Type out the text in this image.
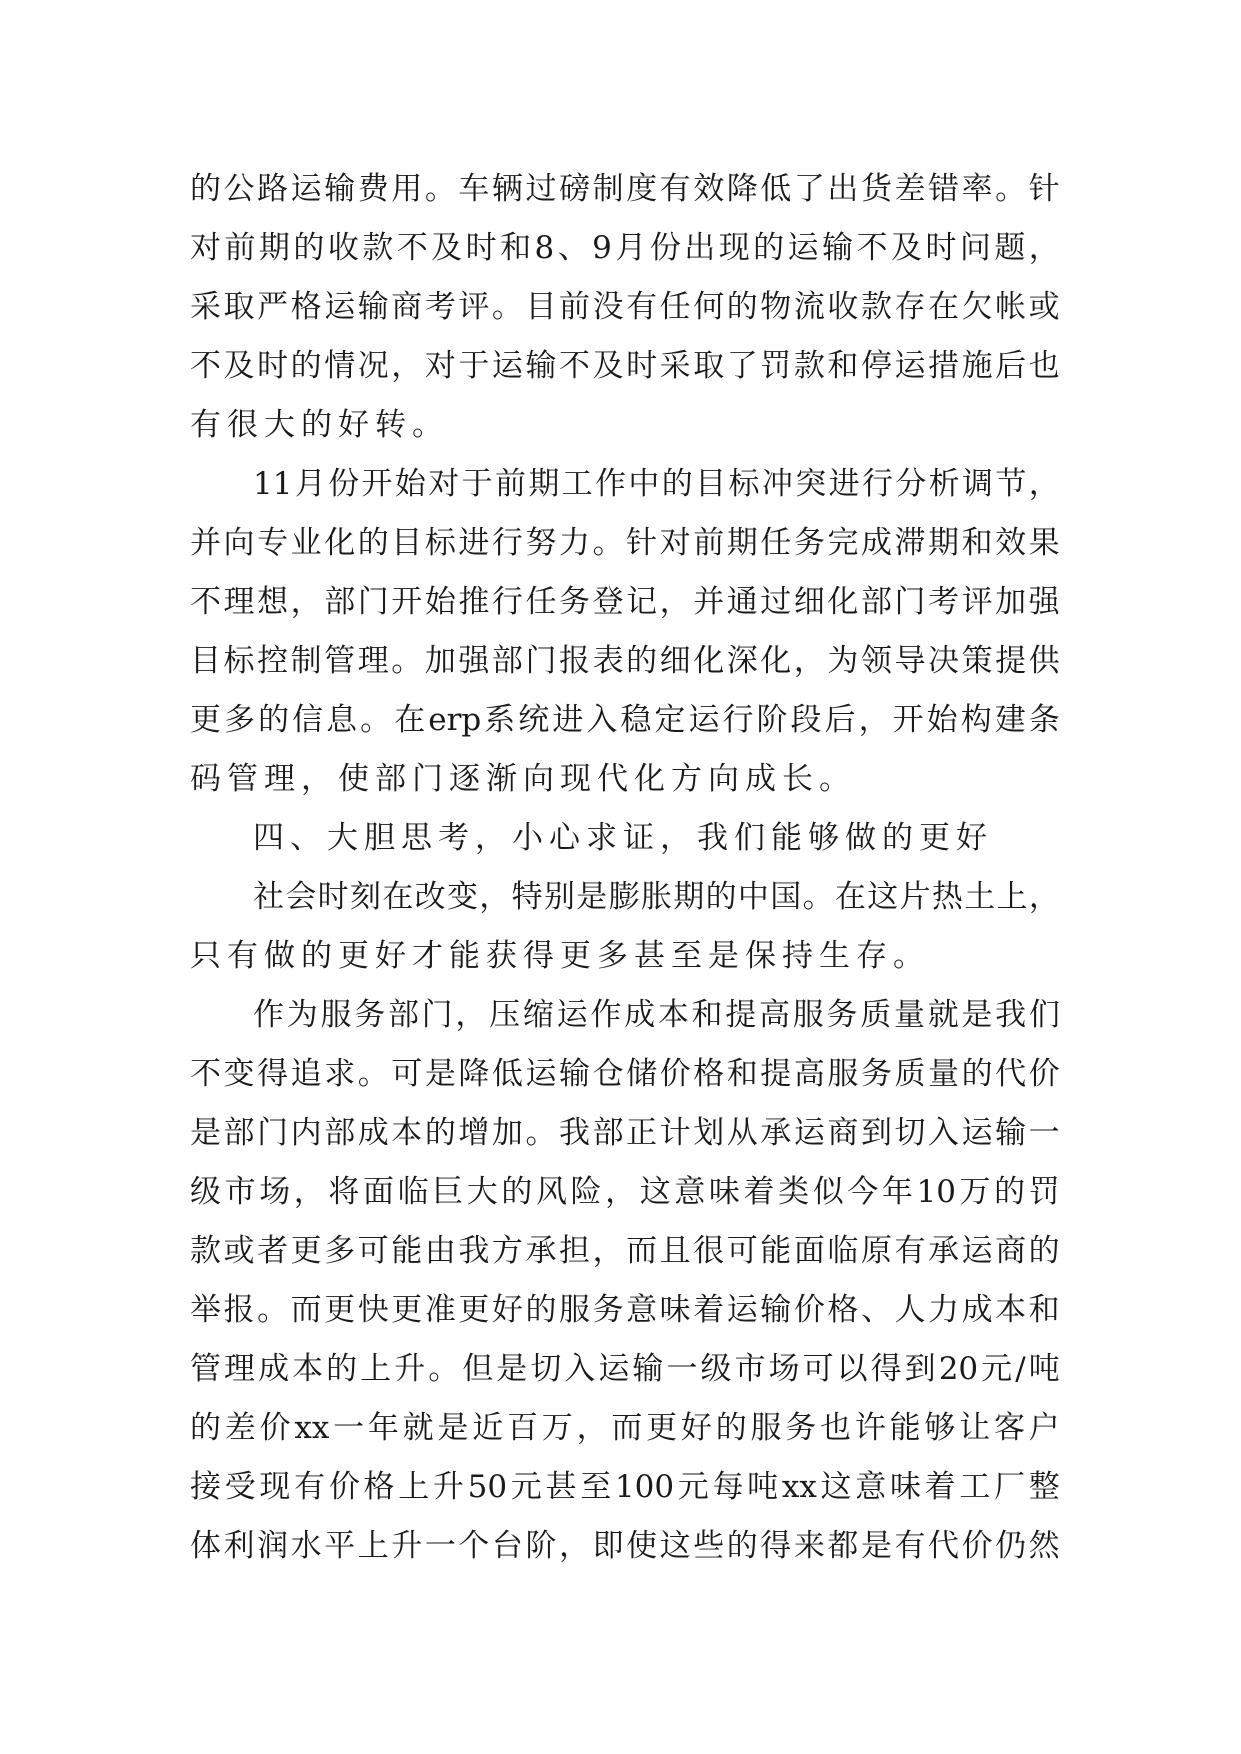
的 公 路 运 输 费 用 。 车 辆 过 磅 制 度 有 效 降 低 了 出 货 差 错 率 。 针
对 前 期 的 收 款 不 及 时 和 8 、 9 月 份 出 现 的 运 输 不 及 时 问 题 ，
采 取 严 格 运 输 商 考 评 。 目 前 没 有 任 何 的 物 流 收 款 存 在 欠 帐 或
不 及 时 的 情 况 ， 对 于 运 输 不 及 时 采 取 了 罚 款 和 停 运 措 施 后 也
有很大的好转。
11 月 份 开 始 对 于 前 期 工 作 中 的 目 标 冲 突 进 行 分 析 调 节 ，
并 向 专 业 化 的 目 标 进 行 努 力 。 针 对 前 期 任 务 完 成 滞 期 和 效 果
不 理 想 ， 部 门 开 始 推 行 任 务 登 记 ， 并 通 过 细 化 部 门 考 评 加 强
目 标 控 制 管 理 。 加 强 部 门 报 表 的 细 化 深 化 ， 为 领 导 决 策 提 供
更 多 的 信 息 。 在 erp 系 统 进 入 稳 定 运 行 阶 段 后 ， 开 始 构 建 条
码管理，使部门逐渐向现代化方向成长。
四、大胆思考，小心求证，我们能够做的更好
社 会 时 刻 在 改 变 ， 特 别 是 膨 胀 期 的 中 国 。 在 这 片 热 土 上 ，
只有做的更好才能获得更多甚至是保持生存。
作 为 服 务 部 门 ， 压 缩 运 作 成 本 和 提 高 服 务 质 量 就 是 我 们
不 变 得 追 求 。 可 是 降 低 运 输 仓 储 价 格 和 提 高 服 务 质 量 的 代 价
是 部 门 内 部 成 本 的 增 加 。 我 部 正 计 划 从 承 运 商 到 切 入 运 输 一
级 市 场 ， 将 面 临 巨 大 的 风 险 ， 这 意 味 着 类 似 今 年 10 万 的 罚
款 或 者 更 多 可 能 由 我 方 承 担 ， 而 且 很 可 能 面 临 原 有 承 运 商 的
举 报 。 而 更 快 更 准 更 好 的 服 务 意 味 着 运 输 价 格 、 人 力 成 本 和
管 理 成 本 的 上 升 。 但 是 切 入 运 输 一 级 市 场 可 以 得 到 20 元 / 吨
的 差 价 xx 一 年 就 是 近 百 万 ， 而 更 好 的 服 务 也 许 能 够 让 客 户
接 受 现 有 价 格 上 升 50 元 甚 至 100 元 每 吨 xx 这 意 味 着 工 厂 整
体 利 润 水 平 上 升 一 个 台 阶 ， 即 使 这 些 的 得 来 都 是 有 代 价 仍 然
